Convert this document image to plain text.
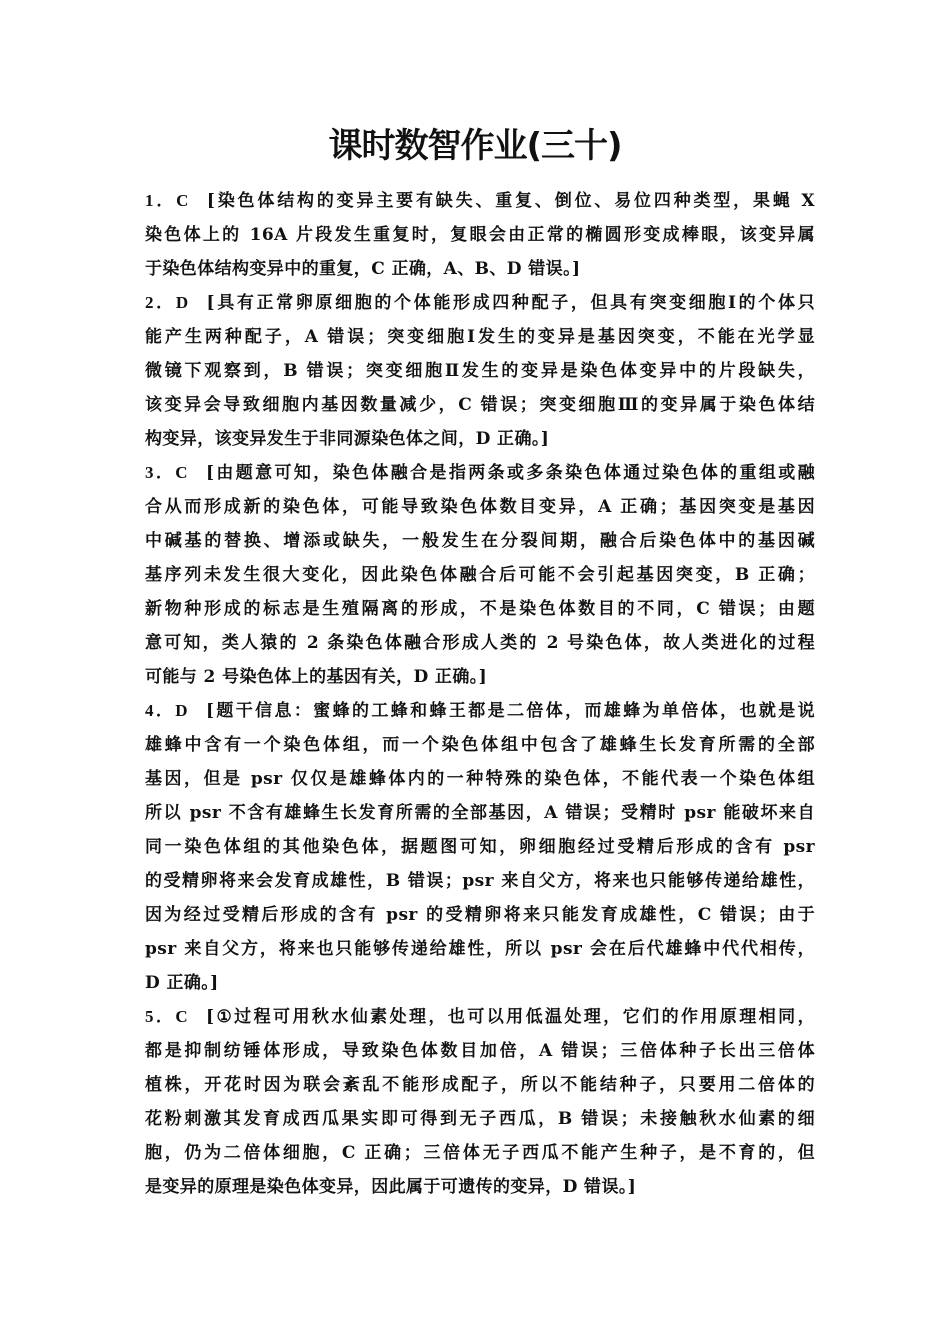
课时数智作业(三十)
1．C [染色体结构的变异主要有缺失、重复、倒位、易位四种类型，果蝇 X
染色体上的 16A 片段发生重复时，复眼会由正常的椭圆形变成棒眼，该变异属
于染色体结构变异中的重复，C 正确，A、B、D 错误。]
2．D [具有正常卵原细胞的个体能形成四种配子，但具有突变细胞Ⅰ的个体只
能产生两种配子，A 错误；突变细胞Ⅰ发生的变异是基因突变，不能在光学显
微镜下观察到，B 错误；突变细胞Ⅱ发生的变异是染色体变异中的片段缺失，
该变异会导致细胞内基因数量减少，C 错误；突变细胞Ⅲ的变异属于染色体结
构变异，该变异发生于非同源染色体之间，D 正确。]
3．C [由题意可知，染色体融合是指两条或多条染色体通过染色体的重组或融
合从而形成新的染色体，可能导致染色体数目变异，A 正确；基因突变是基因
中碱基的替换、增添或缺失，一般发生在分裂间期，融合后染色体中的基因碱
基序列未发生很大变化，因此染色体融合后可能不会引起基因突变，B 正确；
新物种形成的标志是生殖隔离的形成，不是染色体数目的不同，C 错误；由题
意可知，类人猿的 2 条染色体融合形成人类的 2 号染色体，故人类进化的过程
可能与 2 号染色体上的基因有关，D 正确。]
4．D [题干信息：蜜蜂的工蜂和蜂王都是二倍体，而雄蜂为单倍体，也就是说
雄蜂中含有一个染色体组，而一个染色体组中包含了雄蜂生长发育所需的全部
基因，但是 psr 仅仅是雄蜂体内的一种特殊的染色体，不能代表一个染色体组
所以 psr 不含有雄蜂生长发育所需的全部基因，A 错误；受精时 psr 能破坏来自
同一染色体组的其他染色体，据题图可知，卵细胞经过受精后形成的含有 psr
的受精卵将来会发育成雄性，B 错误；psr 来自父方，将来也只能够传递给雄性，
因为经过受精后形成的含有 psr 的受精卵将来只能发育成雄性，C 错误；由于
psr 来自父方，将来也只能够传递给雄性，所以 psr 会在后代雄蜂中代代相传，
D 正确。]
5．C [①过程可用秋水仙素处理，也可以用低温处理，它们的作用原理相同，
都是抑制纺锤体形成，导致染色体数目加倍，A 错误；三倍体种子长出三倍体
植株，开花时因为联会紊乱不能形成配子，所以不能结种子，只要用二倍体的
花粉刺激其发育成西瓜果实即可得到无子西瓜，B 错误；未接触秋水仙素的细
胞，仍为二倍体细胞，C 正确；三倍体无子西瓜不能产生种子，是不育的，但
是变异的原理是染色体变异，因此属于可遗传的变异，D 错误。]
